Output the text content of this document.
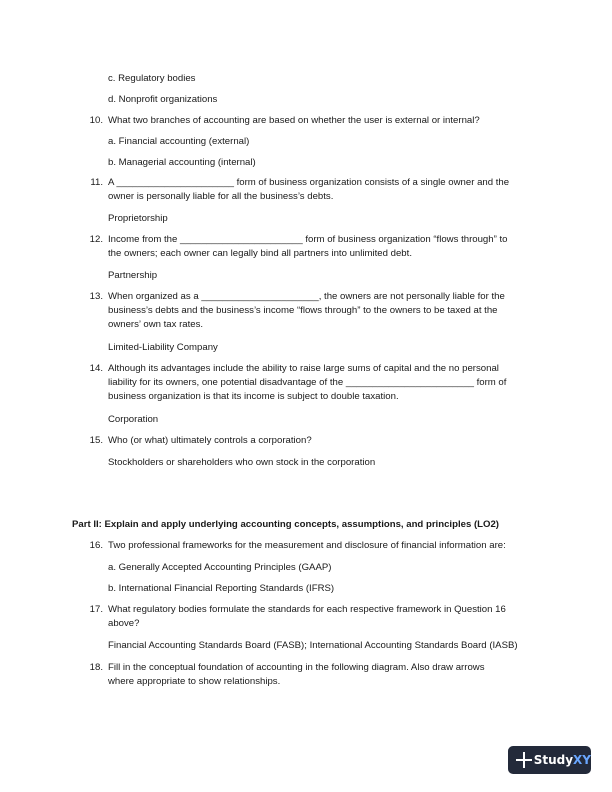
c. Regulatory bodies
d. Nonprofit organizations
10. What two branches of accounting are based on whether the user is external or internal?
a. Financial accounting (external)
b. Managerial accounting (internal)
11. A ______________________ form of business organization consists of a single owner and the
owner is personally liable for all the business’s debts.
Proprietorship
12. Income from the _______________________ form of business organization “flows through” to
the owners; each owner can legally bind all partners into unlimited debt.
Partnership
13. When organized as a ______________________, the owners are not personally liable for the
business’s debts and the business’s income “flows through” to the owners to be taxed at the
owners’ own tax rates.
Limited-Liability Company
14. Although its advantages include the ability to raise large sums of capital and the no personal
liability for its owners, one potential disadvantage of the ________________________ form of
business organization is that its income is subject to double taxation.
Corporation
15. Who (or what) ultimately controls a corporation?
Stockholders or shareholders who own stock in the corporation
Part II: Explain and apply underlying accounting concepts, assumptions, and principles (LO2)
16. Two professional frameworks for the measurement and disclosure of financial information are:
a. Generally Accepted Accounting Principles (GAAP)
b. International Financial Reporting Standards (IFRS)
17. What regulatory bodies formulate the standards for each respective framework in Question 16
above?
Financial Accounting Standards Board (FASB); International Accounting Standards Board (IASB)
18. Fill in the conceptual foundation of accounting in the following diagram. Also draw arrows
where appropriate to show relationships.
StudyXY
